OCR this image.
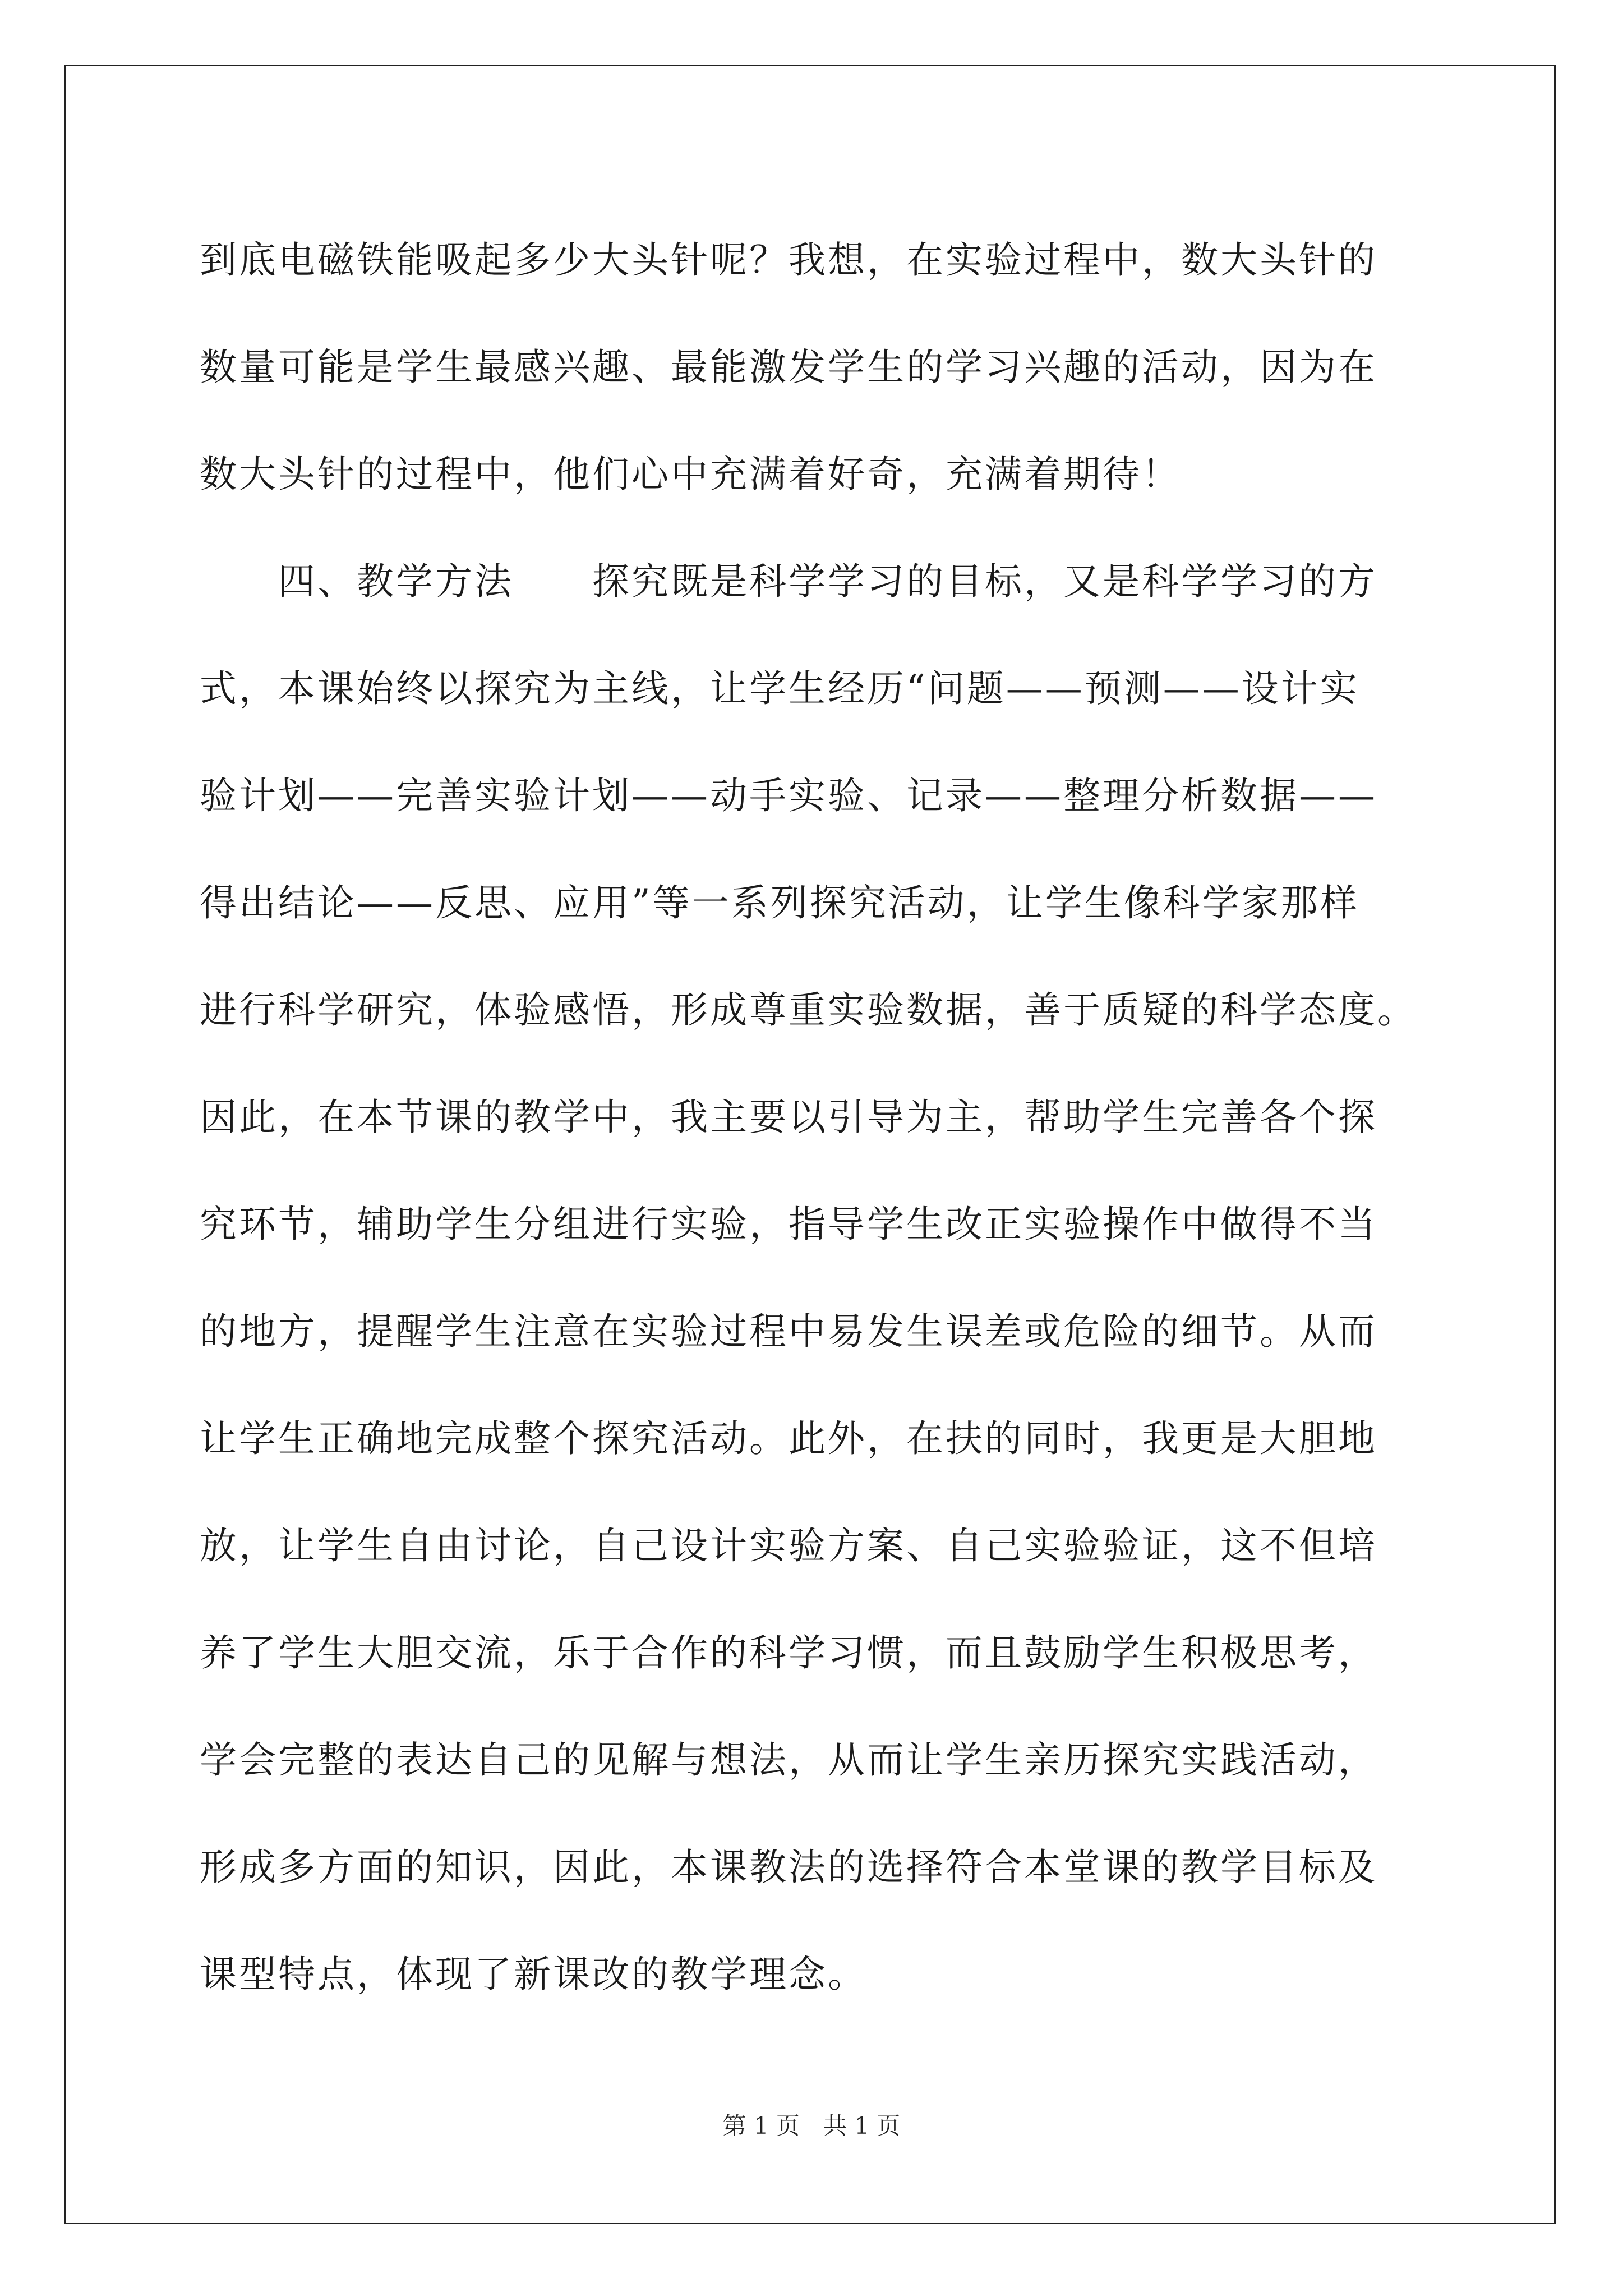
到底电磁铁能吸起多少大头针呢？我想，在实验过程中，数大头针的

数量可能是学生最感兴趣、最能激发学生的学习兴趣的活动，因为在

数大头针的过程中，他们心中充满着好奇，充满着期待！

　　四、教学方法　　探究既是科学学习的目标，又是科学学习的方

式，本课始终以探究为主线，让学生经历“问题——预测——设计实

验计划——完善实验计划——动手实验、记录——整理分析数据——

得出结论——反思、应用”等一系列探究活动，让学生像科学家那样

进行科学研究，体验感悟，形成尊重实验数据，善于质疑的科学态度。

因此，在本节课的教学中，我主要以引导为主，帮助学生完善各个探

究环节，辅助学生分组进行实验，指导学生改正实验操作中做得不当

的地方，提醒学生注意在实验过程中易发生误差或危险的细节。从而

让学生正确地完成整个探究活动。此外，在扶的同时，我更是大胆地

放，让学生自由讨论，自己设计实验方案、自己实验验证，这不但培

养了学生大胆交流，乐于合作的科学习惯，而且鼓励学生积极思考，

学会完整的表达自己的见解与想法，从而让学生亲历探究实践活动，

形成多方面的知识，因此，本课教法的选择符合本堂课的教学目标及

课型特点，体现了新课改的教学理念。

第 1 页　共 1 页
